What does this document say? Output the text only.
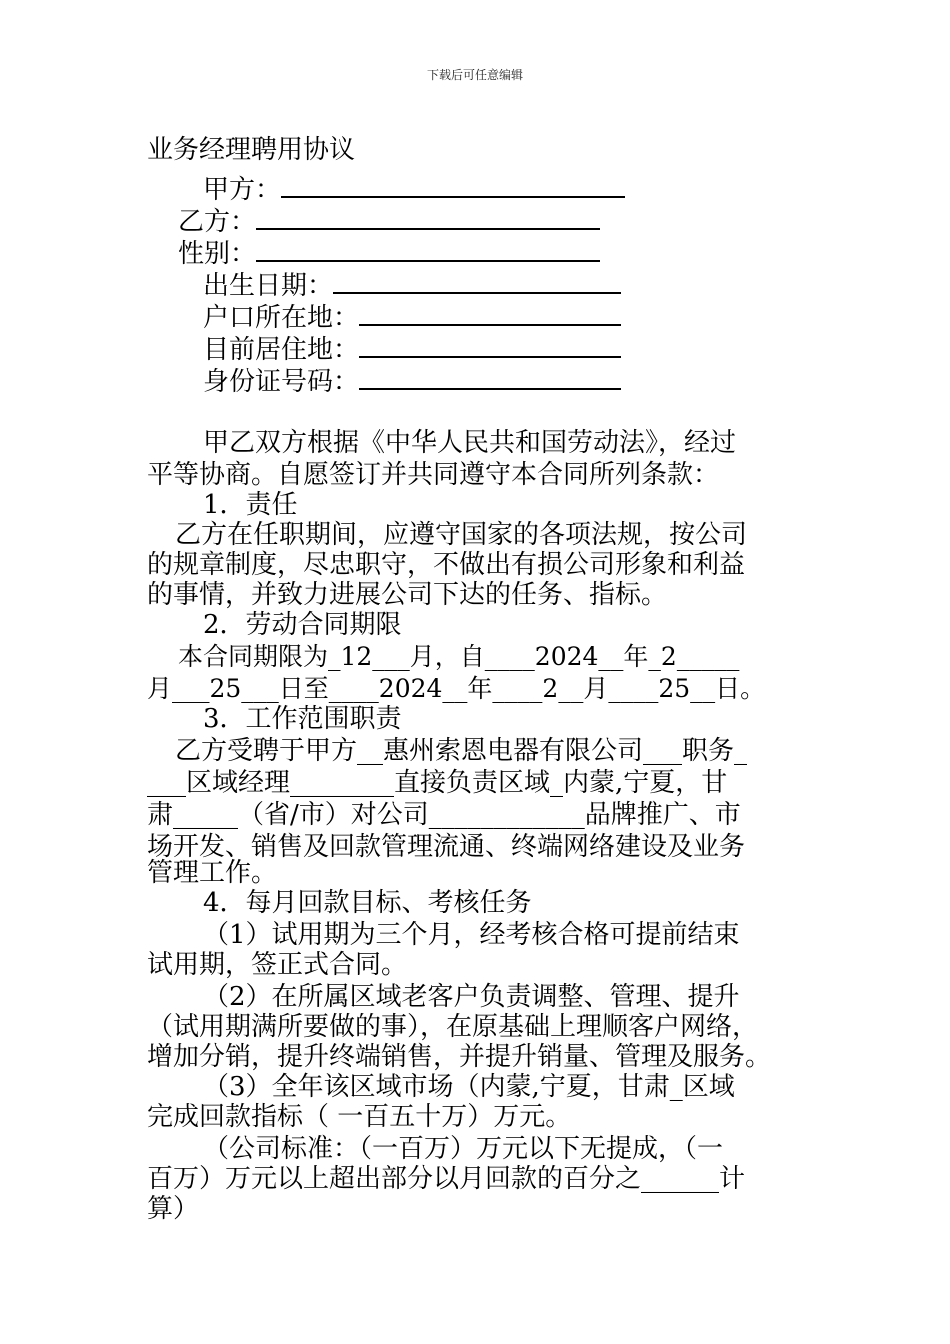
下载后可任意编辑
业务经理聘用协议
甲方：
乙方：
性别：
出生日期：
户口所在地：
目前居住地：
身份证号码：
甲乙双方根据《中华人民共和国劳动法》，经过
平等协商。自愿签订并共同遵守本合同所列条款：
1．责任
乙方在任职期间，应遵守国家的各项法规，按公司
的规章制度，尽忠职守，不做出有损公司形象和利益
的事情，并致力进展公司下达的任务、指标。
2．劳动合同期限
本合同期限为_12___月，自____2024__年_2_____
月___25___日至____2024__年____2__月____25__日。
3．工作范围职责
乙方受聘于甲方__惠州索恩电器有限公司___职务_
___区域经理________直接负责区域_内蒙,宁夏，甘
肃_____（省/市）对公司____________品牌推广、市
场开发、销售及回款管理流通、终端网络建设及业务
管理工作。
4．每月回款目标、考核任务
（1）试用期为三个月，经考核合格可提前结束
试用期，签正式合同。
（2）在所属区域老客户负责调整、管理、提升
（试用期满所要做的事），在原基础上理顺客户网络，
增加分销，提升终端销售，并提升销量、管理及服务。
（3）全年该区域市场（内蒙,宁夏，甘肃_区域
完成回款指标（ 一百五十万）万元。
（公司标准：（一百万）万元以下无提成，（一
百万）万元以上超出部分以月回款的百分之______计
算）
